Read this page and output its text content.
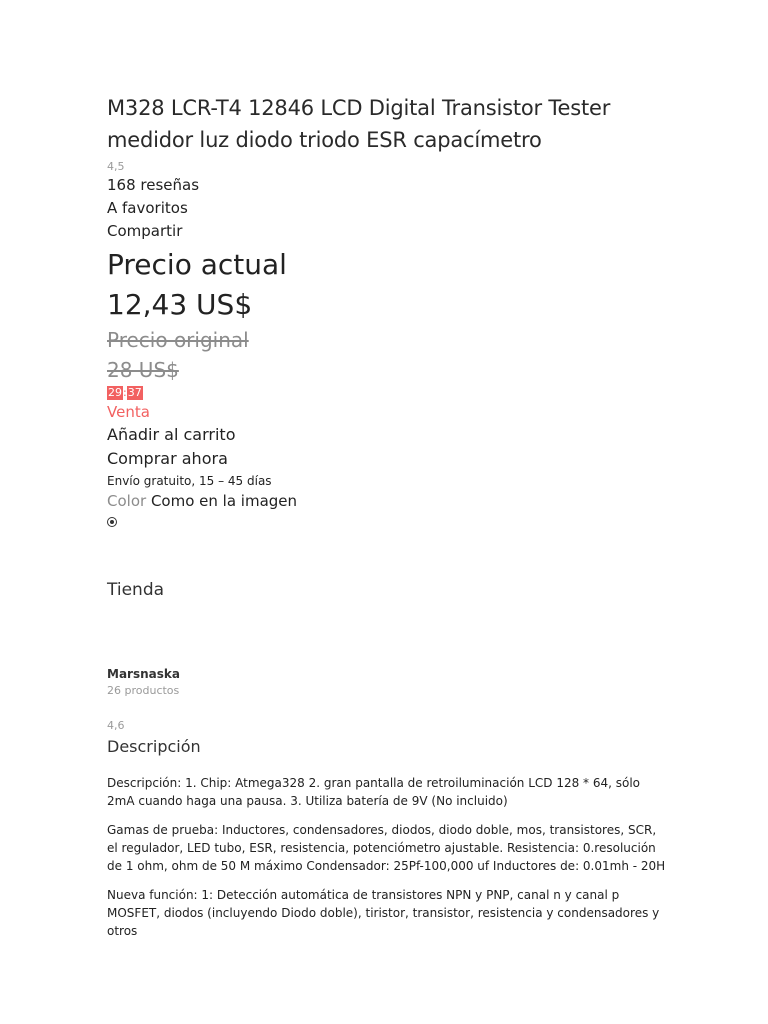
M328 LCR-T4 12846 LCD Digital Transistor Tester medidor luz diodo triodo ESR capacímetro
4,5
168 reseñas
A favoritos
Compartir
Precio actual
12,43 US$
Precio original
28 US$
29 : 37
Venta
Añadir al carrito
Comprar ahora
Envío gratuito, 15 – 45 días
Color Como en la imagen
Tienda
Marsnaska
26 productos
4,6
Descripción

Descripción: 1. Chip: Atmega328 2. gran pantalla de retroiluminación LCD 128 * 64, sólo 2mA cuando haga una pausa. 3. Utiliza batería de 9V (No incluido)

Gamas de prueba: Inductores, condensadores, diodos, diodo doble, mos, transistores, SCR, el regulador, LED tubo, ESR, resistencia, potenciómetro ajustable. Resistencia: 0.resolución de 1 ohm, ohm de 50 M máximo Condensador: 25Pf-100,000 uf Inductores de: 0.01mh - 20H

Nueva función: 1: Detección automática de transistores NPN y PNP, canal n y canal p MOSFET, diodos (incluyendo Diodo doble), tiristor, transistor, resistencia y condensadores y otros
